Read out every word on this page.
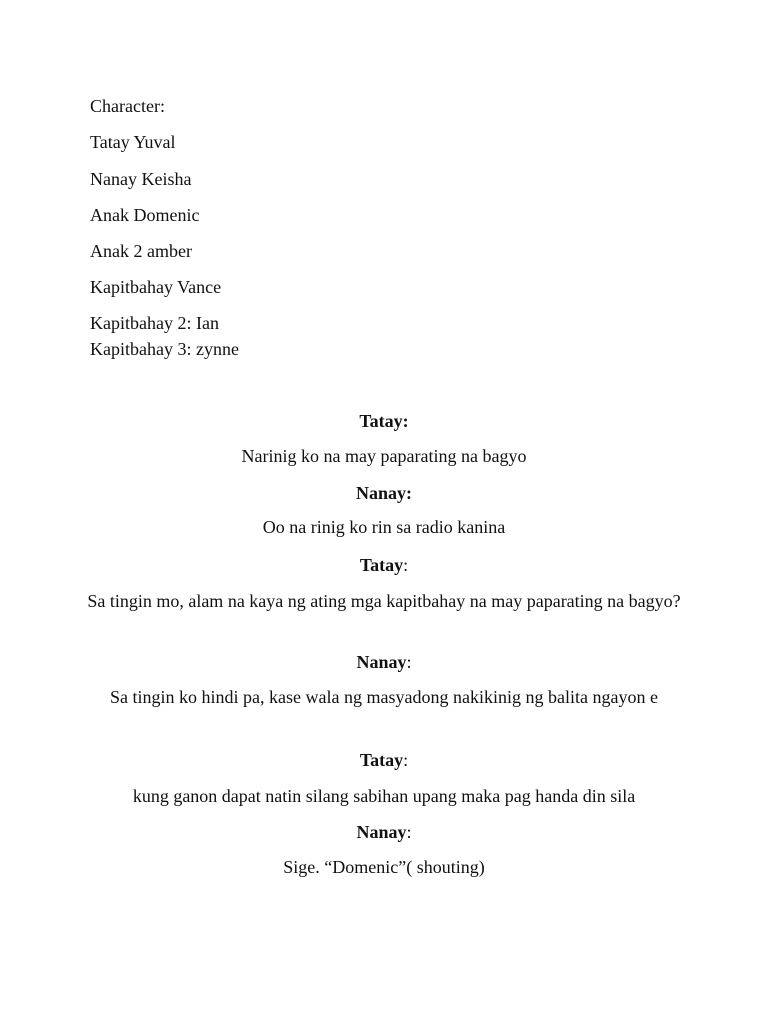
Character:
Tatay Yuval
Nanay Keisha
Anak Domenic
Anak 2 amber
Kapitbahay Vance
Kapitbahay 2: Ian
Kapitbahay 3: zynne
Tatay:
Narinig ko na may paparating na bagyo
Nanay:
Oo na rinig ko rin sa radio kanina
Tatay:
Sa tingin mo, alam na kaya ng ating mga kapitbahay na may paparating na bagyo?
Nanay:
Sa tingin ko hindi pa, kase wala ng masyadong nakikinig ng balita ngayon e
Tatay:
kung ganon dapat natin silang sabihan upang maka pag handa din sila
Nanay:
Sige. “Domenic”( shouting)
